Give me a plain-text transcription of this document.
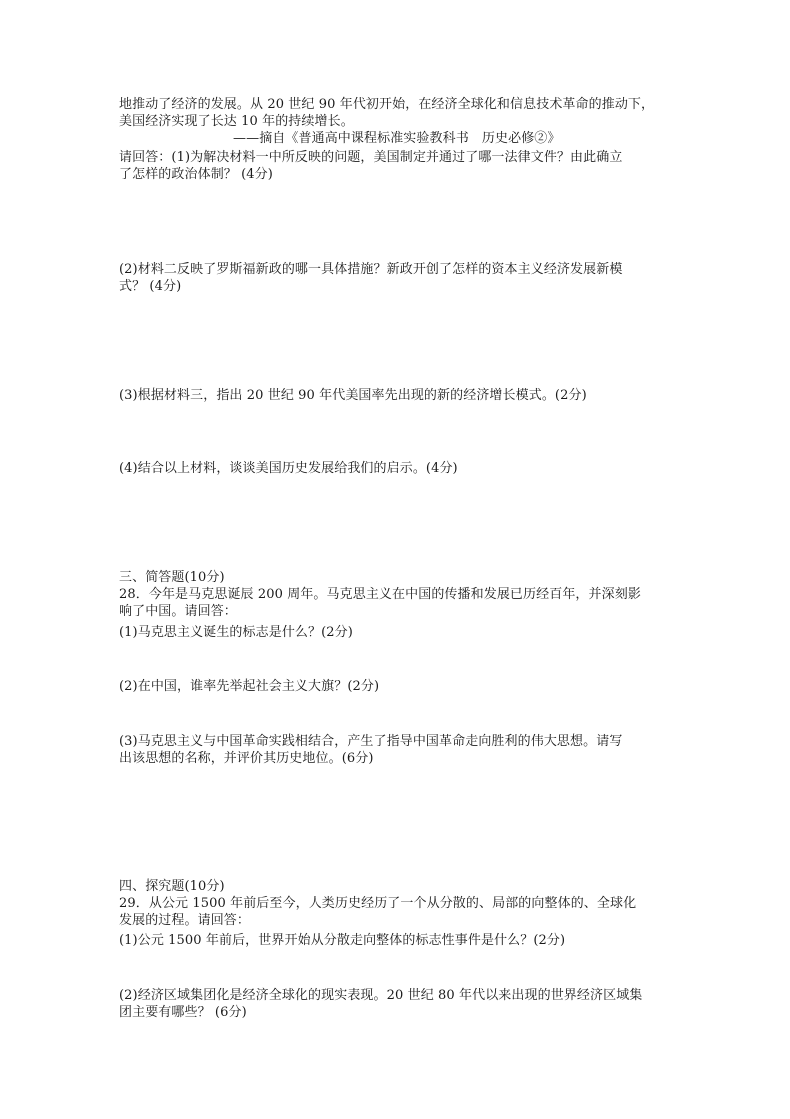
地推动了经济的发展。从 20 世纪 90 年代初开始，在经济全球化和信息技术革命的推动下，
美国经济实现了长达 10 年的持续增长。
——摘自《普通高中课程标准实验教科书　历史必修②》
请回答：(1)为解决材料一中所反映的问题，美国制定并通过了哪一法律文件？由此确立
了怎样的政治体制？ (4分)
(2)材料二反映了罗斯福新政的哪一具体措施？新政开创了怎样的资本主义经济发展新模
式？ (4分)
(3)根据材料三，指出 20 世纪 90 年代美国率先出现的新的经济增长模式。(2分)
(4)结合以上材料，谈谈美国历史发展给我们的启示。(4分)
三、简答题(10分)
28．今年是马克思诞辰 200 周年。马克思主义在中国的传播和发展已历经百年，并深刻影
响了中国。请回答：
(1)马克思主义诞生的标志是什么？(2分)
(2)在中国，谁率先举起社会主义大旗？(2分)
(3)马克思主义与中国革命实践相结合，产生了指导中国革命走向胜利的伟大思想。请写
出该思想的名称，并评价其历史地位。(6分)
四、探究题(10分)
29．从公元 1500 年前后至今，人类历史经历了一个从分散的、局部的向整体的、全球化
发展的过程。请回答：
(1)公元 1500 年前后，世界开始从分散走向整体的标志性事件是什么？(2分)
(2)经济区域集团化是经济全球化的现实表现。20 世纪 80 年代以来出现的世界经济区域集
团主要有哪些？ (6分)
